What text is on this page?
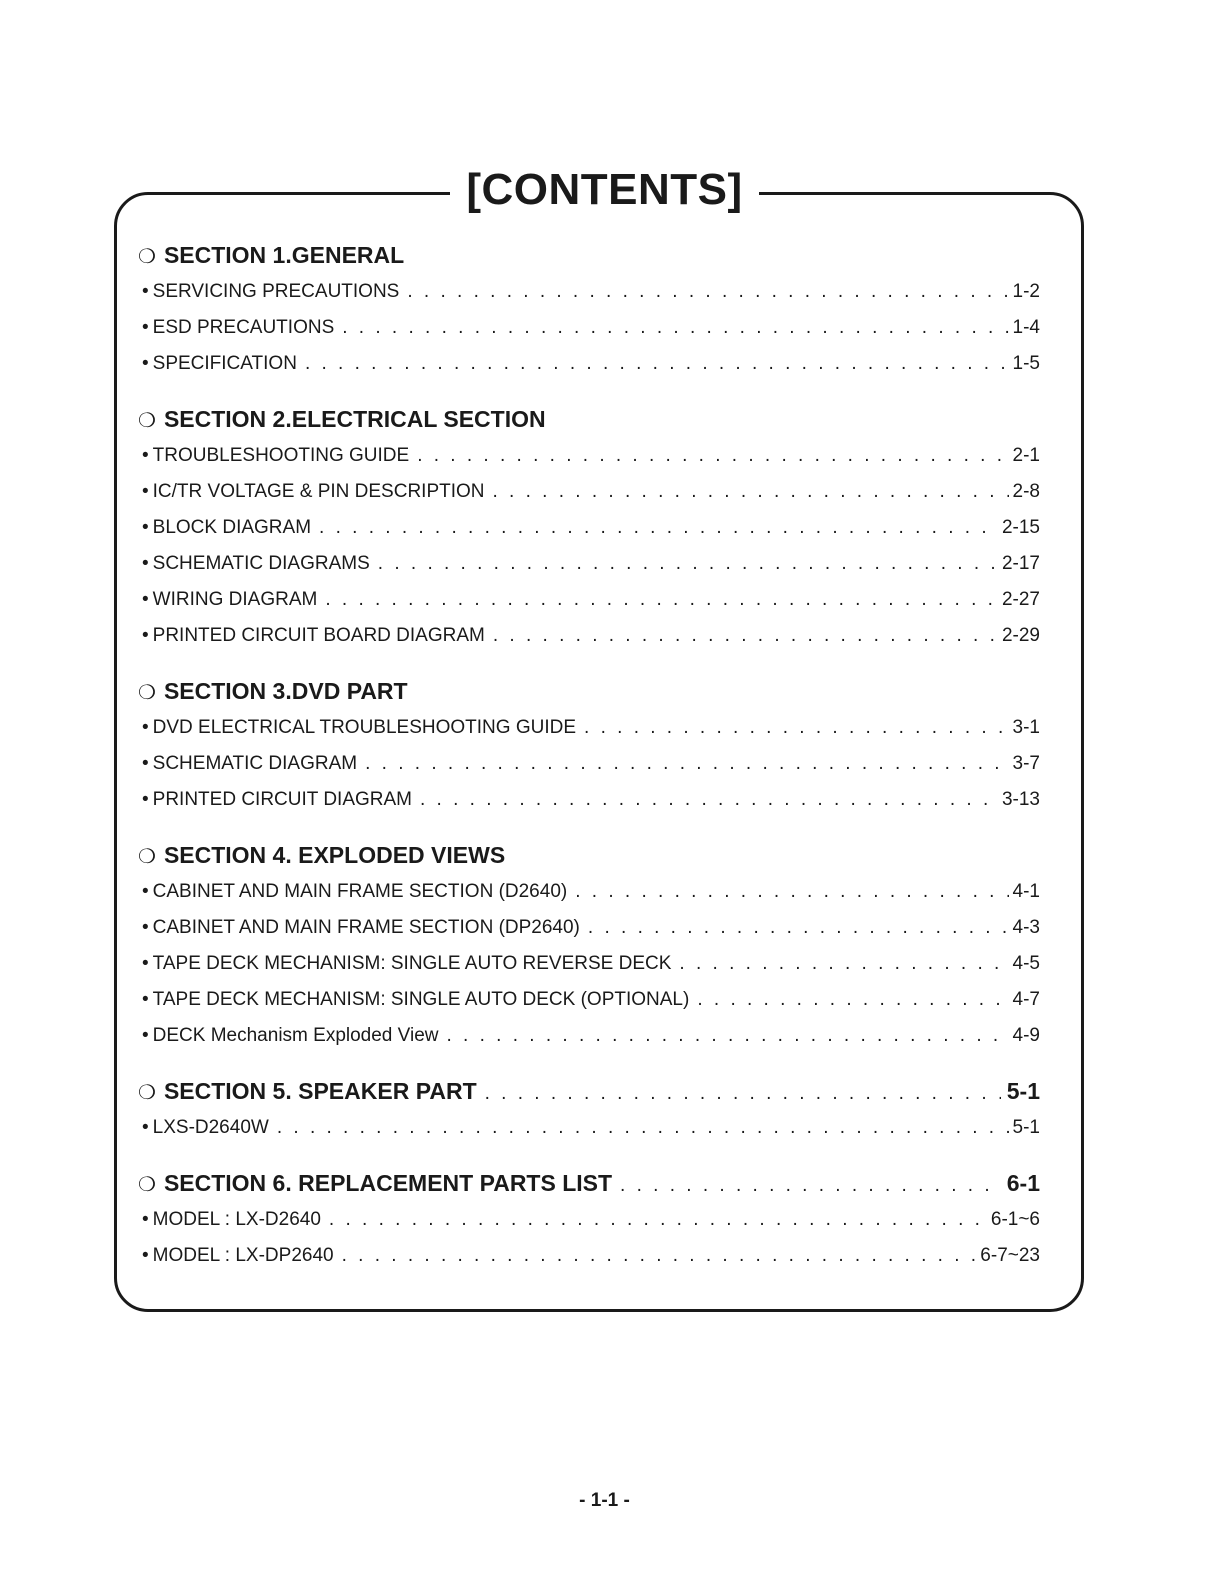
[CONTENTS]
❍ SECTION 1.GENERAL
• SERVICING PRECAUTIONS . . .	1-2
• ESD PRECAUTIONS . . .	1-4
• SPECIFICATION . . .	1-5
❍ SECTION 2.ELECTRICAL SECTION
• TROUBLESHOOTING GUIDE . . .	2-1
• IC/TR VOLTAGE & PIN DESCRIPTION . . .	2-8
• BLOCK DIAGRAM . . .	2-15
• SCHEMATIC DIAGRAMS . . .	2-17
• WIRING DIAGRAM . . .	2-27
• PRINTED CIRCUIT BOARD DIAGRAM . . .	2-29
❍ SECTION 3.DVD PART
• DVD ELECTRICAL TROUBLESHOOTING GUIDE . . .	3-1
• SCHEMATIC DIAGRAM . . .	3-7
• PRINTED CIRCUIT DIAGRAM . . .	3-13
❍ SECTION 4. EXPLODED VIEWS
• CABINET AND MAIN FRAME SECTION (D2640) . . .	4-1
• CABINET AND MAIN FRAME SECTION (DP2640) . . .	4-3
• TAPE DECK MECHANISM: SINGLE AUTO REVERSE DECK . . .	4-5
• TAPE DECK MECHANISM: SINGLE AUTO DECK (OPTIONAL) . . .	4-7
• DECK Mechanism Exploded View . . .	4-9
❍ SECTION 5. SPEAKER PART . . .	5-1
• LXS-D2640W . . .	5-1
❍ SECTION 6. REPLACEMENT PARTS LIST . . .	6-1
• MODEL : LX-D2640 . . .	6-1~6
• MODEL : LX-DP2640 . . .	6-7~23
- 1-1 -
